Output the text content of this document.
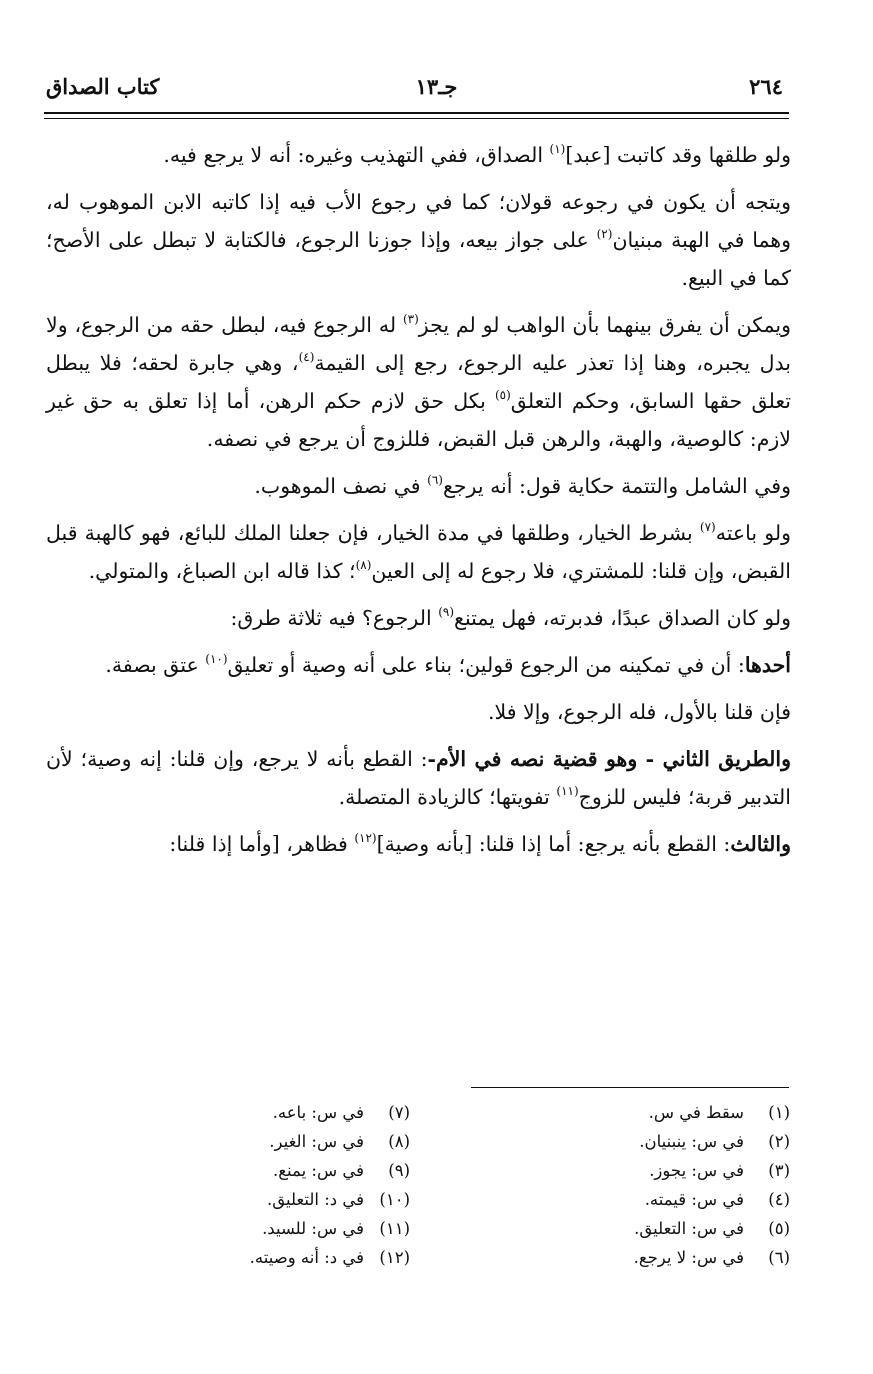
٢٦٤
جـ١٣
كتاب الصداق

ولو طلقها وقد كاتبت [عبد]$^{(١)}$ الصداق، ففي التهذيب وغيره: أنه لا يرجع فيه.

ويتجه أن يكون في رجوعه قولان؛ كما في رجوع الأب فيه إذا كاتبه الابن الموهوب له، وهما في الهبة مبنيان$^{(٢)}$ على جواز بيعه، وإذا جوزنا الرجوع، فالكتابة لا تبطل على الأصح؛ كما في البيع.

ويمكن أن يفرق بينهما بأن الواهب لو لم يجز$^{(٣)}$ له الرجوع فيه، لبطل حقه من الرجوع، ولا بدل يجبره، وهنا إذا تعذر عليه الرجوع، رجع إلى القيمة$^{(٤)}$، وهي جابرة لحقه؛ فلا يبطل تعلق حقها السابق، وحكم التعلق$^{(٥)}$ بكل حق لازم حكم الرهن، أما إذا تعلق به حق غير لازم: كالوصية، والهبة، والرهن قبل القبض، فللزوج أن يرجع في نصفه.

وفي الشامل والتتمة حكاية قول: أنه يرجع$^{(٦)}$ في نصف الموهوب.

ولو باعته$^{(٧)}$ بشرط الخيار، وطلقها في مدة الخيار، فإن جعلنا الملك للبائع، فهو كالهبة قبل القبض، وإن قلنا: للمشتري، فلا رجوع له إلى العين$^{(٨)}$؛ كذا قاله ابن الصباغ، والمتولي.

ولو كان الصداق عبدًا، فدبرته، فهل يمتنع$^{(٩)}$ الرجوع؟ فيه ثلاثة طرق:

أحدها: أن في تمكينه من الرجوع قولين؛ بناء على أنه وصية أو تعليق$^{(١٠)}$ عتق بصفة.

فإن قلنا بالأول، فله الرجوع، وإلا فلا.

والطريق الثاني - وهو قضية نصه في الأم-: القطع بأنه لا يرجع، وإن قلنا: إنه وصية؛ لأن التدبير قربة؛ فليس للزوج$^{(١١)}$ تفويتها؛ كالزيادة المتصلة.

والثالث: القطع بأنه يرجع: أما إذا قلنا: [بأنه وصية]$^{(١٢)}$ فظاهر، [وأما إذا قلنا:

(١)سقط في س.
(٢)في س: ينبنيان.
(٣)في س: يجوز.
(٤)في س: قيمته.
(٥)في س: التعليق.
(٦)في س: لا يرجع.
(٧)في س: باعه.
(٨)في س: الغير.
(٩)في س: يمنع.
(١٠)في د: التعليق.
(١١)في س: للسيد.
(١٢)في د: أنه وصيته.
